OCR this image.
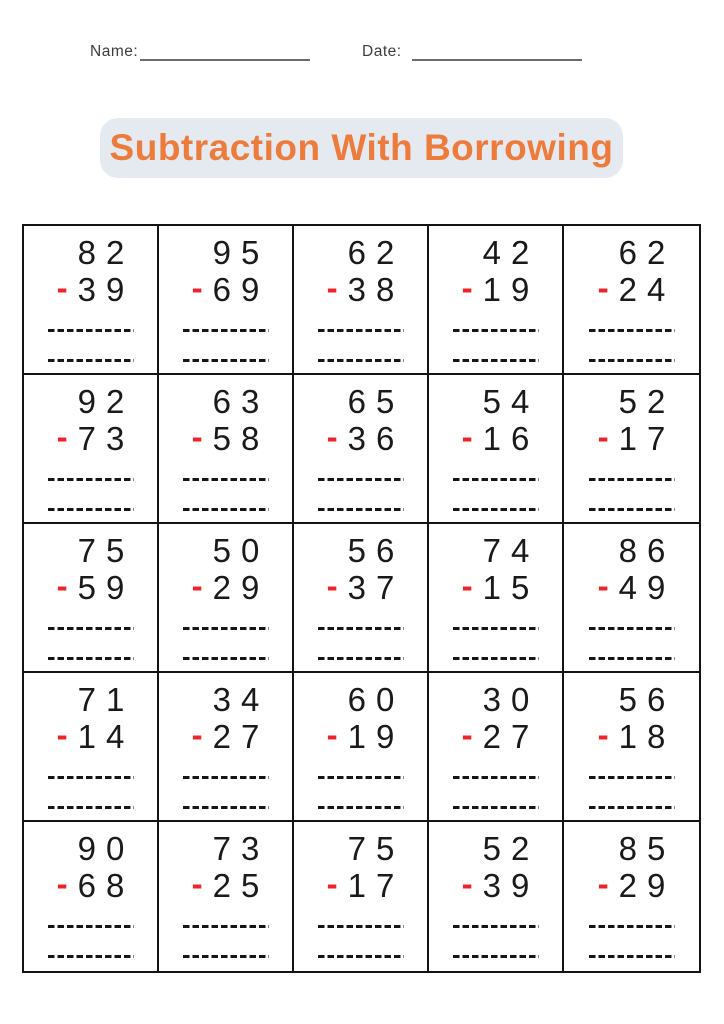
Name:	Date:
Subtraction With Borrowing
82
- 39
95
- 69
62
- 38
42
- 19
62
- 24
92
- 73
63
- 58
65
- 36
54
- 16
52
- 17
75
- 59
50
- 29
56
- 37
74
- 15
86
- 49
71
- 14
34
- 27
60
- 19
30
- 27
56
- 18
90
- 68
73
- 25
75
- 17
52
- 39
85
- 29
